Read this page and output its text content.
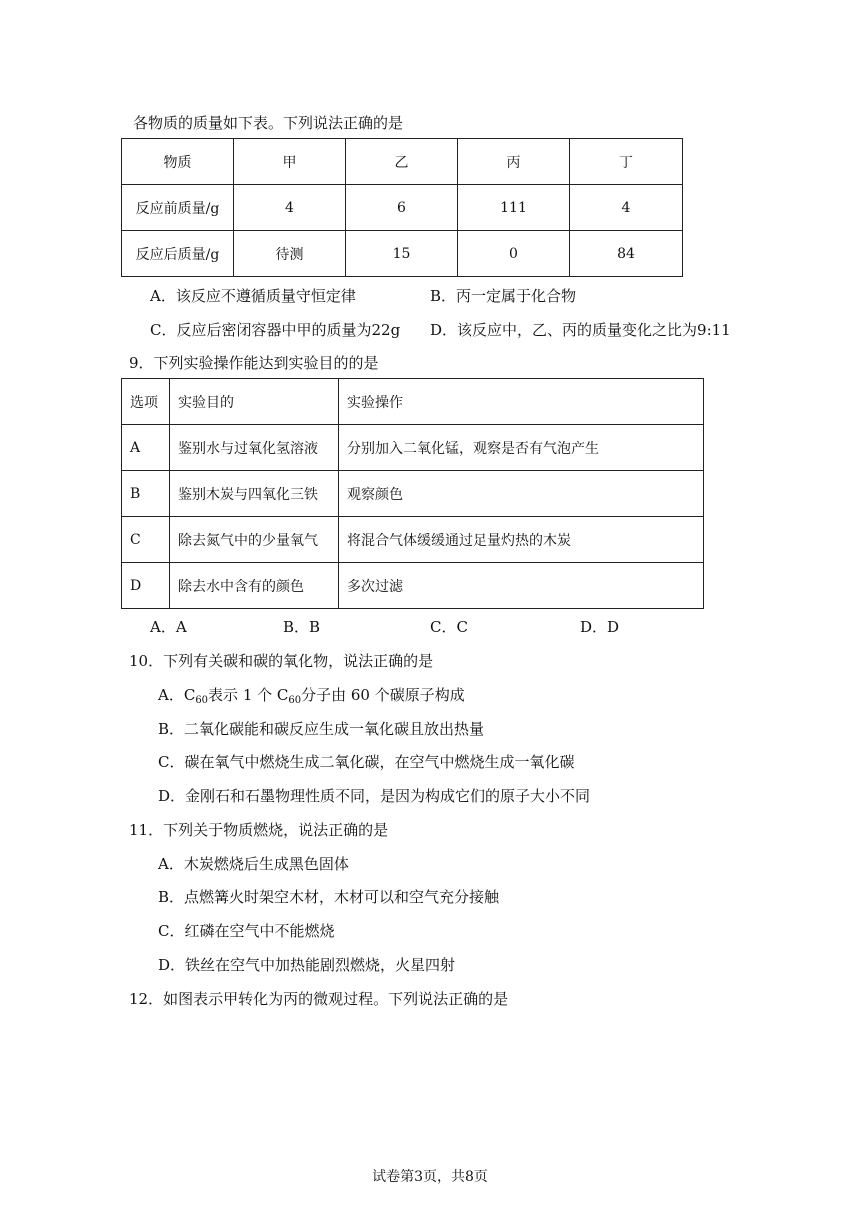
各物质的质量如下表。下列说法正确的是
物质	甲	乙	丙	丁
反应前质量/g	4	6	111	4
反应后质量/g	待测	15	0	84
A．该反应不遵循质量守恒定律	B．丙一定属于化合物
C．反应后密闭容器中甲的质量为22g D．该反应中，乙、丙的质量变化之比为9:11
9．下列实验操作能达到实验目的的是
选项	实验目的	实验操作
A	鉴别水与过氧化氢溶液	分别加入二氧化锰，观察是否有气泡产生
B	鉴别木炭与四氧化三铁	观察颜色
C	除去氮气中的少量氧气	将混合气体缓缓通过足量灼热的木炭
D	除去水中含有的颜色	多次过滤
A．A	B．B	C．C	D．D
10．下列有关碳和碳的氧化物，说法正确的是
A．$C_{60}$表示 1 个 $C_{60}$分子由 60 个碳原子构成
B．二氧化碳能和碳反应生成一氧化碳且放出热量
C．碳在氧气中燃烧生成二氧化碳，在空气中燃烧生成一氧化碳
D．金刚石和石墨物理性质不同，是因为构成它们的原子大小不同
11．下列关于物质燃烧，说法正确的是
A．木炭燃烧后生成黑色固体
B．点燃篝火时架空木材，木材可以和空气充分接触
C．红磷在空气中不能燃烧
D．铁丝在空气中加热能剧烈燃烧，火星四射
12．如图表示甲转化为丙的微观过程。下列说法正确的是
试卷第3页，共8页
